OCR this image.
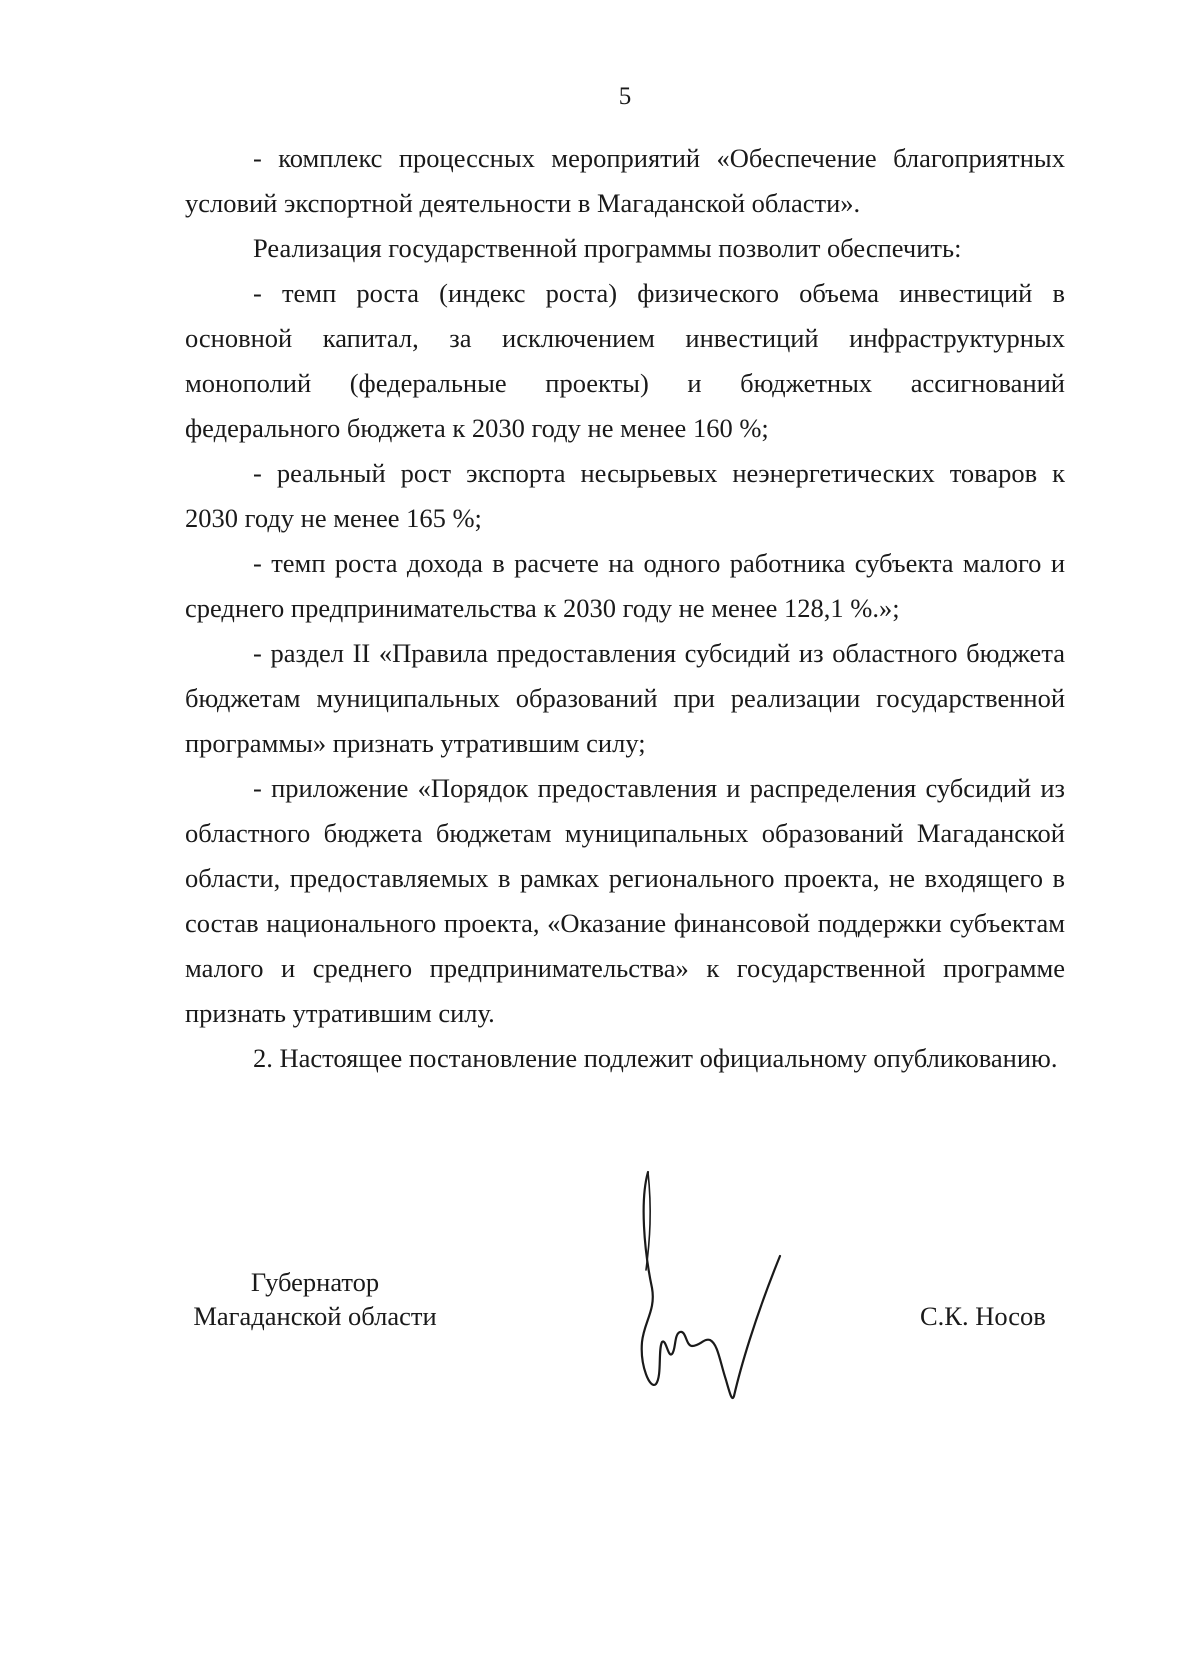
5

- комплекс процессных мероприятий «Обеспечение благоприятных условий экспортной деятельности в Магаданской области».

Реализация государственной программы позволит обеспечить:

- темп роста (индекс роста) физического объема инвестиций в основной капитал, за исключением инвестиций инфраструктурных монополий (федеральные проекты) и бюджетных ассигнований федерального бюджета к 2030 году не менее 160 %;

- реальный рост экспорта несырьевых неэнергетических товаров к 2030 году не менее 165 %;

- темп роста дохода в расчете на одного работника субъекта малого и среднего предпринимательства к 2030 году не менее 128,1 %.»;

- раздел II «Правила предоставления субсидий из областного бюджета бюджетам муниципальных образований при реализации государственной программы» признать утратившим силу;

- приложение «Порядок предоставления и распределения субсидий из областного бюджета бюджетам муниципальных образований Магаданской области, предоставляемых в рамках регионального проекта, не входящего в состав национального проекта, «Оказание финансовой поддержки субъектам малого и среднего предпринимательства» к государственной программе признать утратившим силу.

2. Настоящее постановление подлежит официальному опубликованию.

Губернатор
Магаданской области	С.К. Носов
